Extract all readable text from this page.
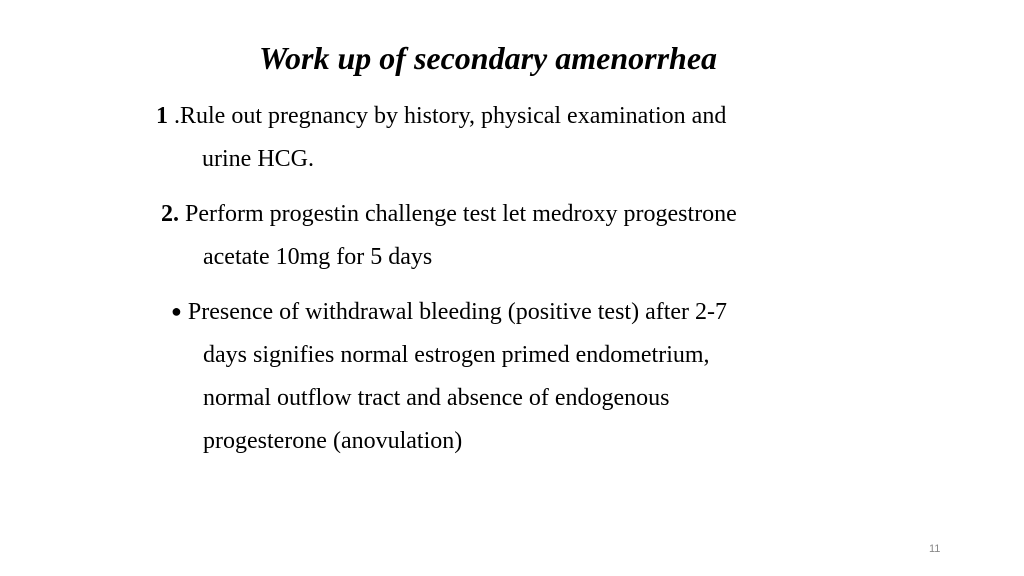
Work up of secondary amenorrhea
1 .Rule out pregnancy by history, physical examination and
urine HCG.
2. Perform progestin challenge test let medroxy progestrone
acetate 10mg for 5 days
● Presence of withdrawal bleeding (positive test) after 2-7
days signifies normal estrogen primed endometrium,
normal outflow tract and absence of endogenous
progesterone (anovulation)
11
